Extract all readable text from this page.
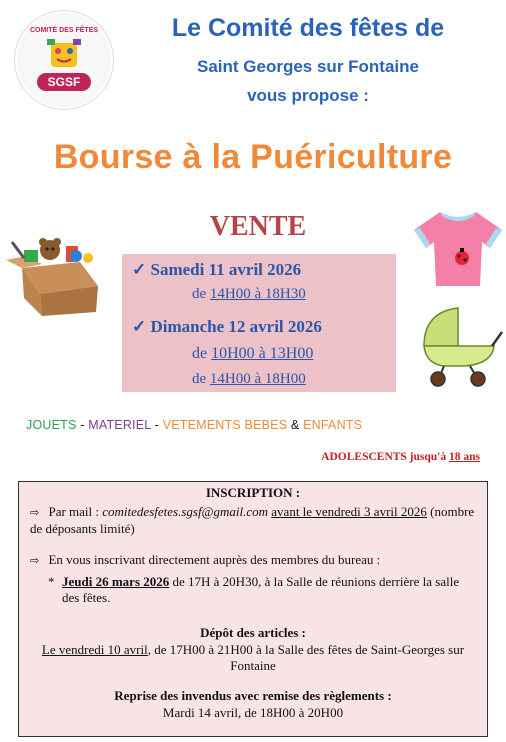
COMITÉ DES FÊTES
SGSF
Le Comité des fêtes de
Saint Georges sur Fontaine
vous propose :
Bourse à la Puériculture
VENTE
✓ Samedi 11 avril 2026
de 14H00 à 18H30
✓ Dimanche 12 avril 2026
de 10H00 à 13H00
de 14H00 à 18H00
JOUETS - MATERIEL - VETEMENTS BEBES & ENFANTS
ADOLESCENTS jusqu'à 18 ans
INSCRIPTION :
⇨ Par mail : comitedesfetes.sgsf@gmail.com avant le vendredi 3 avril 2026 (nombre de déposants limité)
⇨ En vous inscrivant directement auprès des membres du bureau :
* Jeudi 26 mars 2026 de 17H à 20H30, à la Salle de réunions derrière la salle des fêtes.
Dépôt des articles :
Le vendredi 10 avril, de 17H00 à 21H00 à la Salle des fêtes de Saint-Georges sur Fontaine
Reprise des invendus avec remise des règlements :
Mardi 14 avril, de 18H00 à 20H00
